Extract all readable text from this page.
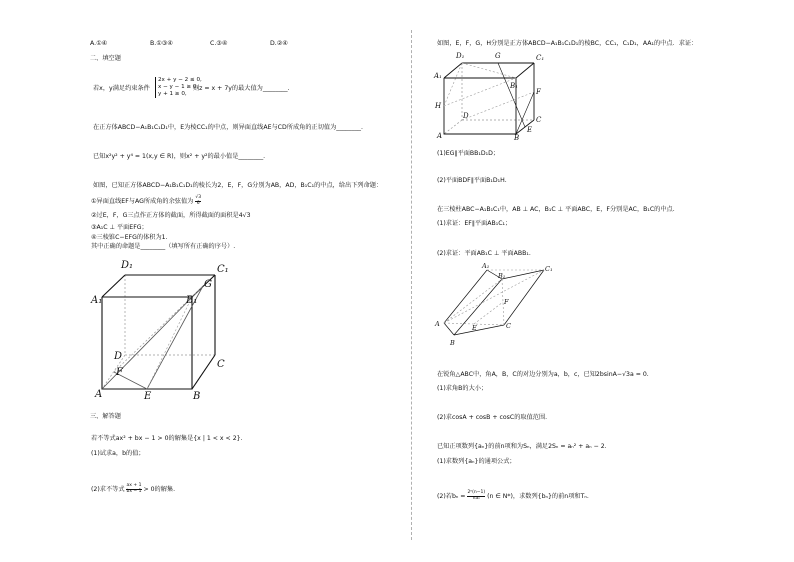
A.①④	B.①③④	C.③④	D.②④
二、填空题
若x，y满足约束条件
2x + y − 2 ≤ 0,
x − y − 1 ≥ 0,
y + 1 ≥ 0,
则z = x + 7y的最大值为________.
在正方体ABCD−A₁B₁C₁D₁中，E为棱CC₁的中点，则异面直线AE与CD所成角的正切值为________.
已知x²y² + y⁴ = 1(x,y ∈ R)，则x² + y²的最小值是________.
如图，已知正方体ABCD−A₁B₁C₁D₁的棱长为2，E，F，G分别为AB，AD，B₁C₁的中点，给出下列命题：
①异面直线EF与AG所成角的余弦值为 $\frac{√3}{6}$
②过E，F，G三点作正方体的截面，所得截面的面积是4√3
③A₁C ⊥ 平面EFG；
④三棱锥C−EFG的体积为1.
其中正确的命题是________（填写所有正确的序号）.
D₁	C₁
A₁	B₁
G
D
C
F
A	E	B
三、解答题
若不等式ax² + bx − 1 > 0的解集是{x | 1 < x < 2}.
(1)试求a，b的值；
(2)求不等式 $\frac{ax + 1}{bx - 1} > 0$的解集.
如图，E，F，G，H分别是正方体ABCD−A₁B₁C₁D₁的棱BC，CC₁，C₁D₁，AA₁的中点．求证：
D₁	G	C₁
A₁
B₁
H
D	C
F
A	B
E
(1)EG∥平面BB₁D₁D；
(2)平面BDF∥平面B₁D₁H.
在三棱柱ABC−A₁B₁C₁中，AB ⊥ AC，B₁C ⊥ 平面ABC，E，F分别是AC，B₁C的中点.
(1)求证：EF∥平面AB₁C₁；
(2)求证：平面AB₁C ⊥ 平面ABB₁.
A₁
B₁
C₁
A	C
E
F
B
在锐角△ABC中，角A，B，C的对边分别为a，b，c，已知2bsinA−√3a = 0.
(1)求角B的大小；
(2)求cosA + cosB + cosC的取值范围.
已知正项数列{aₙ}的前n项和为Sₙ，满足2Sₙ = aₙ² + aₙ − 2.
(1)求数列{aₙ}的通项公式；
(2)若$b_n = \frac{\text{2ⁿ(n−1)}}{\text{naₙ}} (n$ ∈ N*)，求数列{bₙ}的前n项和Tₙ.
